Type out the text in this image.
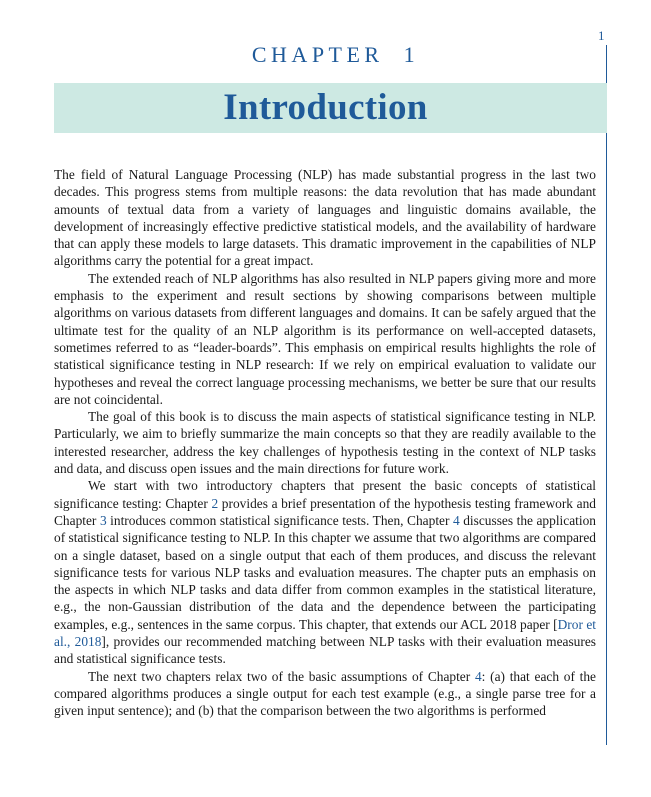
1
CHAPTER 1
Introduction

The field of Natural Language Processing (NLP) has made substantial progress in the last two decades. This progress stems from multiple reasons: the data revolution that has made abundant amounts of textual data from a variety of languages and linguistic domains available, the development of increasingly effective predictive statistical models, and the availability of hardware that can apply these models to large datasets. This dramatic improvement in the capabilities of NLP algorithms carry the potential for a great impact.

The extended reach of NLP algorithms has also resulted in NLP papers giving more and more emphasis to the experiment and result sections by showing comparisons between multiple algorithms on various datasets from different languages and domains. It can be safely argued that the ultimate test for the quality of an NLP algorithm is its performance on well-accepted datasets, sometimes referred to as “leader-boards”. This emphasis on empirical results highlights the role of statistical significance testing in NLP research: If we rely on empirical evaluation to validate our hypotheses and reveal the correct language processing mechanisms, we better be sure that our results are not coincidental.

The goal of this book is to discuss the main aspects of statistical significance testing in NLP. Particularly, we aim to briefly summarize the main concepts so that they are readily available to the interested researcher, address the key challenges of hypothesis testing in the context of NLP tasks and data, and discuss open issues and the main directions for future work.

We start with two introductory chapters that present the basic concepts of statistical significance testing: Chapter 2 provides a brief presentation of the hypothesis testing framework and Chapter 3 introduces common statistical significance tests. Then, Chapter 4 discusses the application of statistical significance testing to NLP. In this chapter we assume that two algorithms are compared on a single dataset, based on a single output that each of them produces, and discuss the relevant significance tests for various NLP tasks and evaluation measures. The chapter puts an emphasis on the aspects in which NLP tasks and data differ from common examples in the statistical literature, e.g., the non-Gaussian distribution of the data and the dependence between the participating examples, e.g., sentences in the same corpus. This chapter, that extends our ACL 2018 paper [Dror et al., 2018], provides our recommended matching between NLP tasks with their evaluation measures and statistical significance tests.

The next two chapters relax two of the basic assumptions of Chapter 4: (a) that each of the compared algorithms produces a single output for each test example (e.g., a single parse tree for a given input sentence); and (b) that the comparison between the two algorithms is performed
